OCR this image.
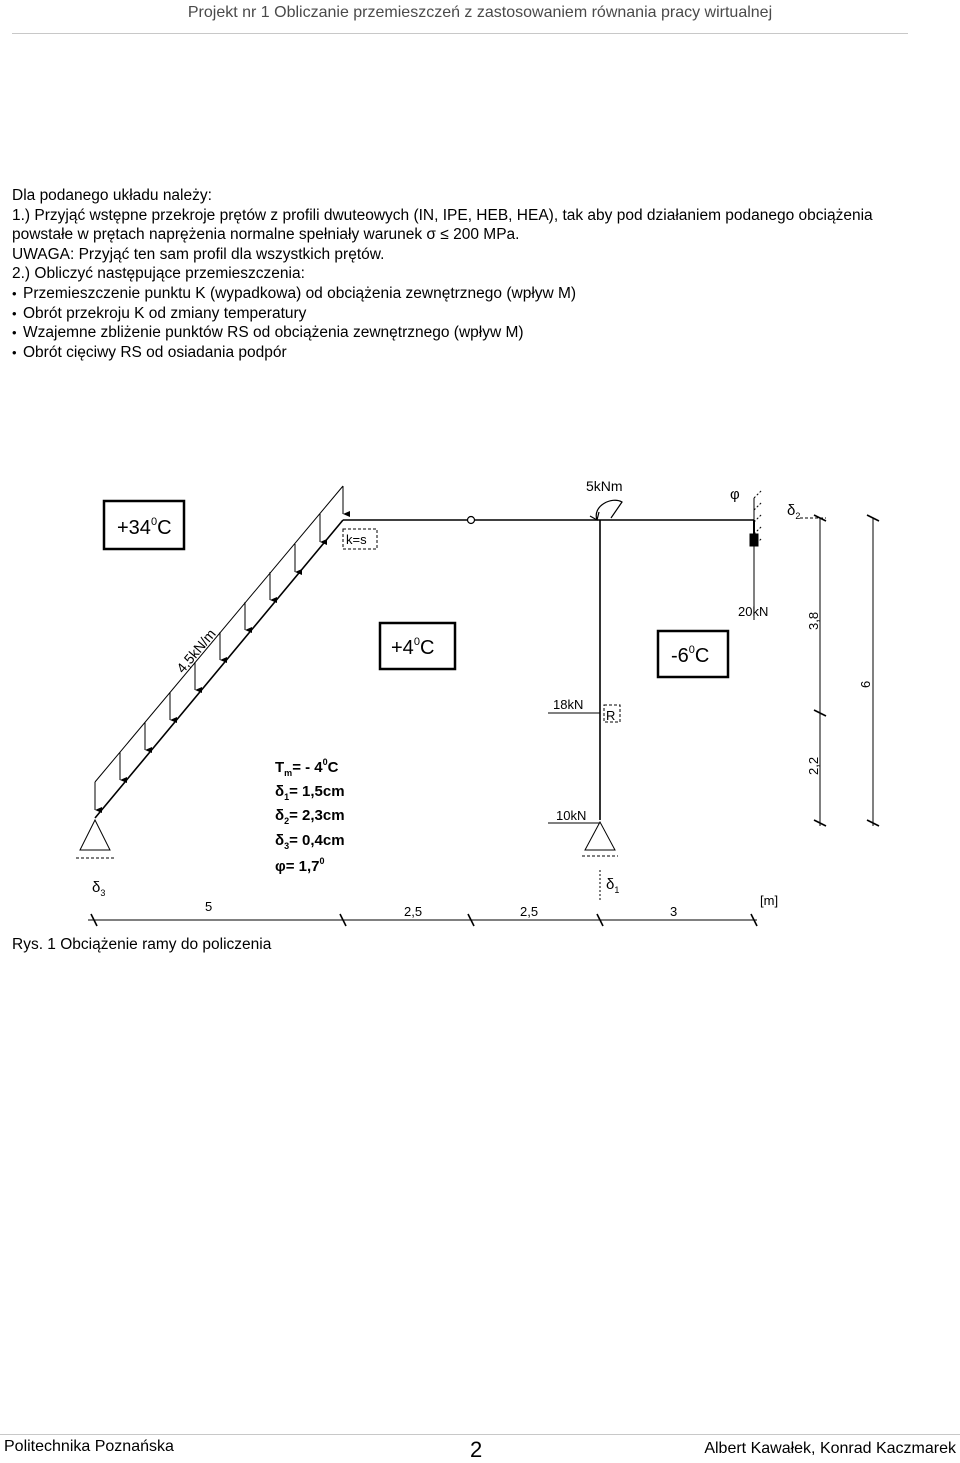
Projekt nr 1 Obliczanie przemieszczeń z zastosowaniem równania pracy wirtualnej

Dla podanego układu należy:

1.) Przyjąć wstępne przekroje prętów z profili dwuteowych (IN, IPE, HEB, HEA), tak aby pod działaniem podanego obciążenia powstałe w prętach naprężenia normalne spełniały warunek σ ≤ 200 MPa.

UWAGA: Przyjąć ten sam profil dla wszystkich prętów.

2.) Obliczyć następujące przemieszczenia:

• Przemieszczenie punktu K (wypadkowa) od obciążenia zewnętrznego (wpływ M)

• Obrót przekroju K od zmiany temperatury

• Wzajemne zbliżenie punktów RS od obciążenia zewnętrznego (wpływ M)

• Obrót cięciwy RS od osiadania podpór

$+34^0C$
$+4^0C$	$-6^0C$
4,5kN/m
k=s
5kNm	φ
$\delta_2$
20kN
18kN
R
10kN
$\delta_3$	$\delta_1$
$T_m= - 4^0C$
$\delta_1= 1,5cm$
$\delta_2= 2,3cm$
$\delta_3= 0,4cm$
$\varphi= 1,7^0$
5	2,5	2,5	3
[m]
3,8
2,2
6
Rys. 1 Obciążenie ramy do policzenia
Politechnika Poznańska	2	Albert Kawałek, Konrad Kaczmarek
